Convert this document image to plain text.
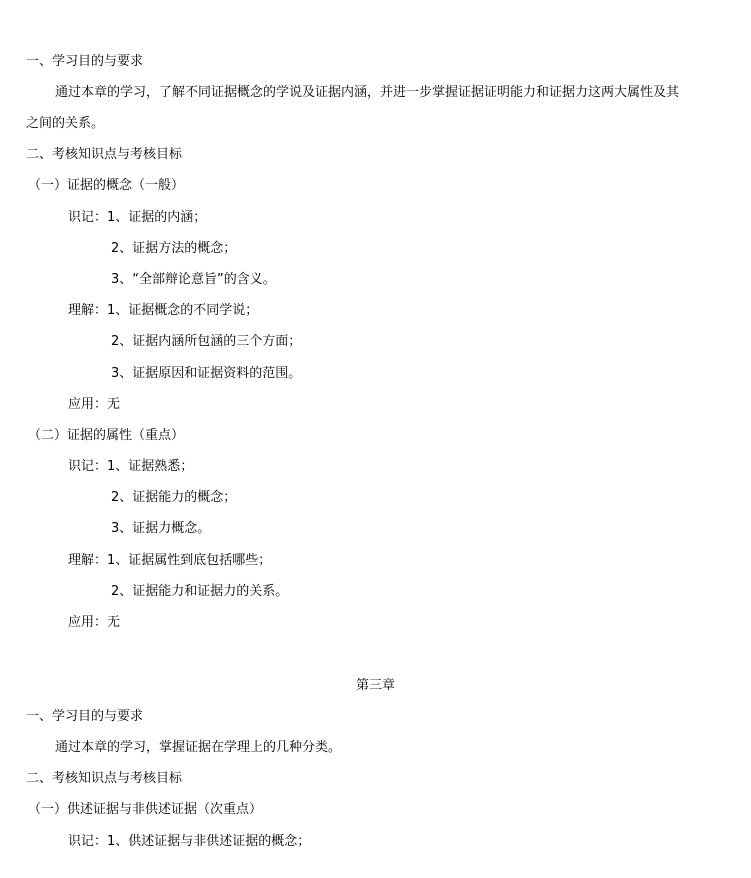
一、学习目的与要求
通过本章的学习，了解不同证据概念的学说及证据内涵，并进一步掌握证据证明能力和证据力这两大属性及其
之间的关系。
二、考核知识点与考核目标
（一）证据的概念（一般）
识记：1、证据的内涵；
2、证据方法的概念；
3、“全部辩论意旨”的含义。
理解：1、证据概念的不同学说；
2、证据内涵所包涵的三个方面；
3、证据原因和证据资料的范围。
应用：无
（二）证据的属性（重点）
识记：1、证据熟悉；
2、证据能力的概念；
3、证据力概念。
理解：1、证据属性到底包括哪些；
2、证据能力和证据力的关系。
应用：无
第三章
一、学习目的与要求
通过本章的学习，掌握证据在学理上的几种分类。
二、考核知识点与考核目标
（一）供述证据与非供述证据（次重点）
识记：1、供述证据与非供述证据的概念；
